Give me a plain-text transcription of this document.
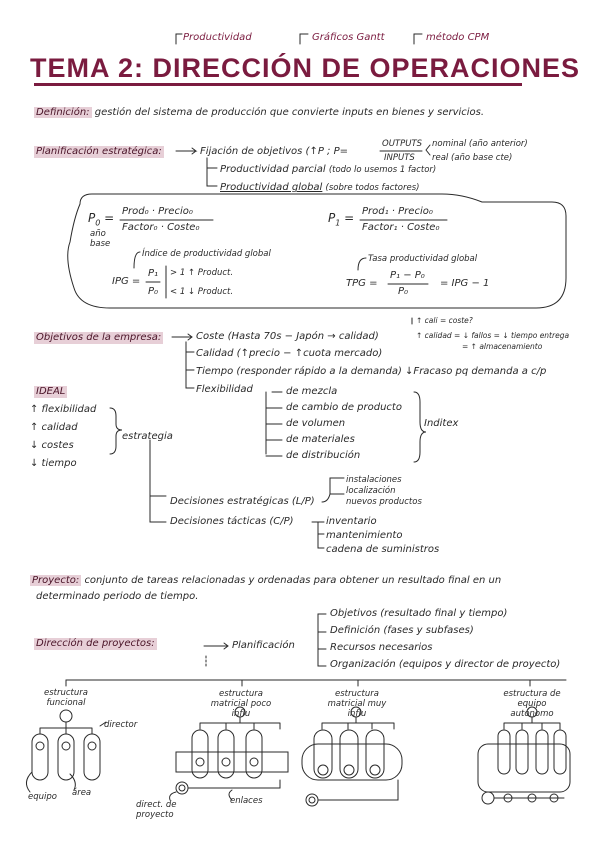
Productividad	Gráficos Gantt	método CPM
TEMA 2: DIRECCIÓN DE OPERACIONES
Definición: gestión del sistema de producción que convierte inputs en bienes y servicios.
Planificación estratégica:	Fijación de objetivos (↑P ; P=
OUTPUTS
INPUTS
nominal (año anterior)
real (año base cte)
Productividad parcial (todo lo usemos 1 factor)
Productividad global (sobre todos factores)
$P_0$ = Prod₀ · Precio₀
Factor₀ · Coste₀
año base
$P_1$ = Prod₁ · Precio₀
Factor₁ · Coste₀
Índice de productividad global
IPG =
P₁
P₀
> 1 ↑ Product.
< 1 ↓ Product.
Tasa productividad global
TPG =
P₁ − P₀
P₀
= IPG − 1
Objetivos de la empresa:	Coste (Hasta 70s − Japón → calidad)
Calidad (↑precio − ↑cuota mercado)
Tiempo (responder rápido a la demanda) ↓Fracaso pq demanda a c/p
Flexibilidad
↑ cali = coste?
↑ calidad = ↓ fallos = ↓ tiempo entrega
= ↑ almacenamiento
de mezcla
de cambio de producto
de volumen
de materiales
de distribución
Inditex
IDEAL
↑ flexibilidad
↑ calidad
↓ costes
↓ tiempo
estrategia
Decisiones estratégicas (L/P)
instalaciones
localización
nuevos productos
Decisiones tácticas (C/P)	inventario
mantenimiento
cadena de suministros
Proyecto: conjunto de tareas relacionadas y ordenadas para obtener un resultado final en un
determinado periodo de tiempo.
Dirección de proyectos:	Planificación
Objetivos (resultado final y tiempo)
Definición (fases y subfases)
Recursos necesarios
Organización (equipos y director de proyecto)
estructura funcional
estructura matricial poco influ
estructura matricial muy influ
estructura de equipo autónomo
director
equipo área
enlaces
direct. de proyecto
